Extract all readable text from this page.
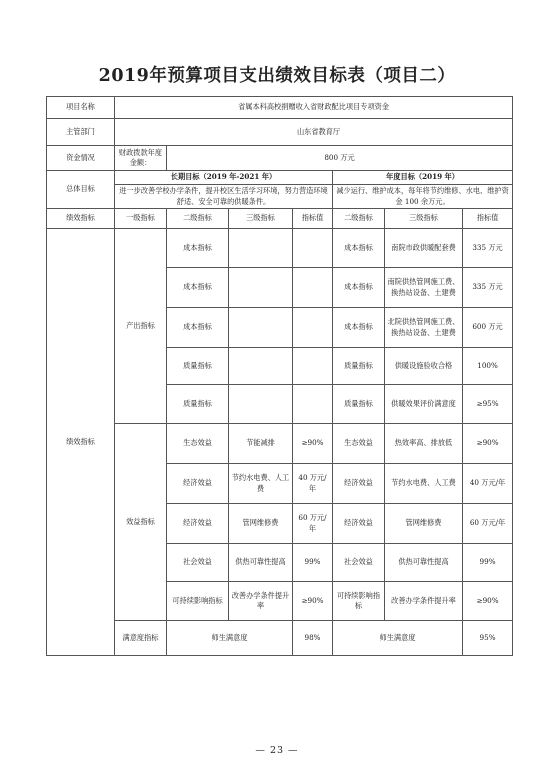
2019年预算项目支出绩效目标表（项目二）
项目名称	省属本科高校捐赠收入省财政配比项目专项资金						
主管部门	山东省教育厅						
资金情况	财政拨款年度金额：	800 万元					
总体目标	长期目标（2019 年-2021 年）				年度目标（2019 年）		
	进一步改善学校办学条件，提升校区生活学习环境，努力营造环境舒适、安全可靠的供暖条件。				减少运行、维护成本，每年将节约维修、水电、维护资金 100 余万元。		
绩效指标	一级指标	二级指标	三级指标	指标值	二级指标	三级指标	指标值
绩效指标	产出指标	成本指标			成本指标	南院市政供暖配套费	335 万元
		成本指标			成本指标	南院供热管网施工费、换热站设备、土建费	335 万元
		成本指标			成本指标	北院供热管网施工费、换热站设备、土建费	600 万元
		质量指标			质量指标	供暖设施验收合格	100%
		质量指标			质量指标	供暖效果评价满意度	≥95%
	效益指标	生态效益	节能减排	≥90%	生态效益	热效率高、排放低	≥90%
		经济效益	节约水电费、人工费	40 万元/年	经济效益	节约水电费、人工费	40 万元/年
		经济效益	管网维修费	60 万元/年	经济效益	管网维修费	60 万元/年
		社会效益	供热可靠性提高	99%	社会效益	供热可靠性提高	99%
		可持续影响指标	改善办学条件提升率	≥90%	可持续影响指标	改善办学条件提升率	≥90%
	满意度指标	师生满意度		98%	师生满意度		95%
— 23 —
